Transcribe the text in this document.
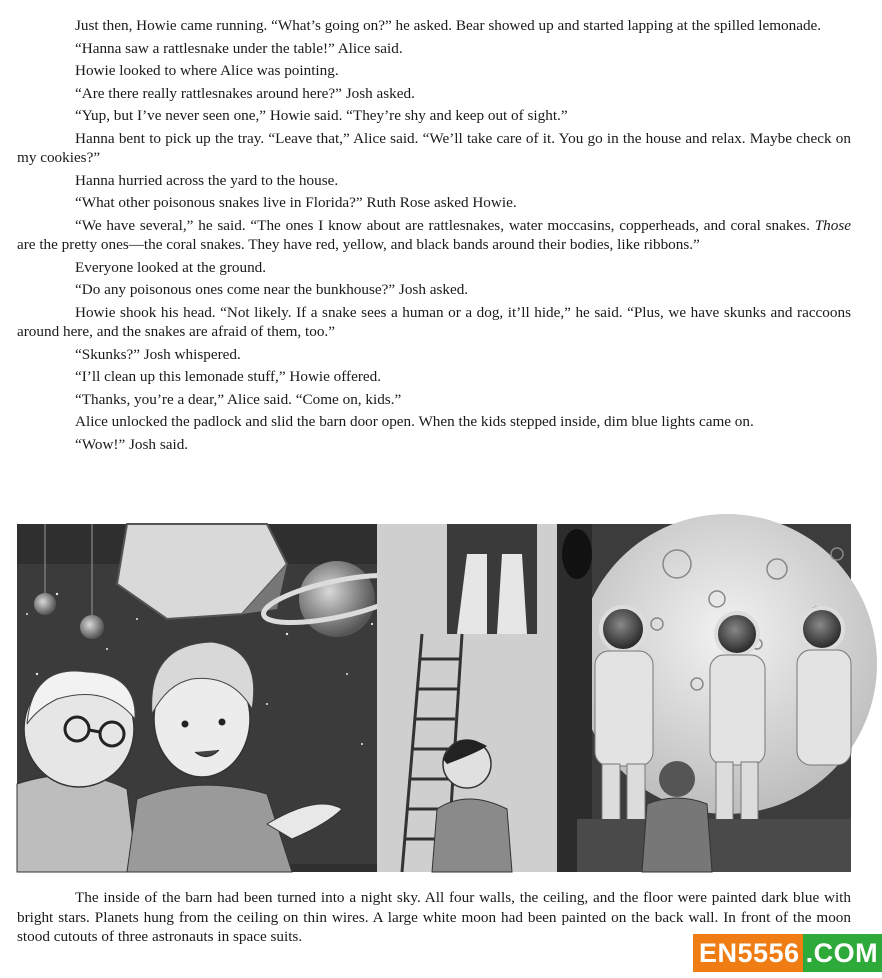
Just then, Howie came running. “What’s going on?” he asked. Bear showed up and started lapping at the spilled lemonade.

“Hanna saw a rattlesnake under the table!” Alice said.

Howie looked to where Alice was pointing.

“Are there really rattlesnakes around here?” Josh asked.

“Yup, but I’ve never seen one,” Howie said. “They’re shy and keep out of sight.”

Hanna bent to pick up the tray. “Leave that,” Alice said. “We’ll take care of it. You go in the house and relax. Maybe check on my cookies?”

Hanna hurried across the yard to the house.

“What other poisonous snakes live in Florida?” Ruth Rose asked Howie.

“We have several,” he said. “The ones I know about are rattlesnakes, water moccasins, copperheads, and coral snakes. Those are the pretty ones—the coral snakes. They have red, yellow, and black bands around their bodies, like ribbons.”

Everyone looked at the ground.

“Do any poisonous ones come near the bunkhouse?” Josh asked.

Howie shook his head. “Not likely. If a snake sees a human or a dog, it’ll hide,” he said. “Plus, we have skunks and raccoons around here, and the snakes are afraid of them, too.”

“Skunks?” Josh whispered.

“I’ll clean up this lemonade stuff,” Howie offered.

“Thanks, you’re a dear,” Alice said. “Come on, kids.”

Alice unlocked the padlock and slid the barn door open. When the kids stepped inside, dim blue lights came on.

“Wow!” Josh said.

The inside of the barn had been turned into a night sky. All four walls, the ceiling, and the floor were painted dark blue with bright stars. Planets hung from the ceiling on thin wires. A large white moon had been painted on the back wall. In front of the moon stood cutouts of three astronauts in space suits.

EN5556 .COM
